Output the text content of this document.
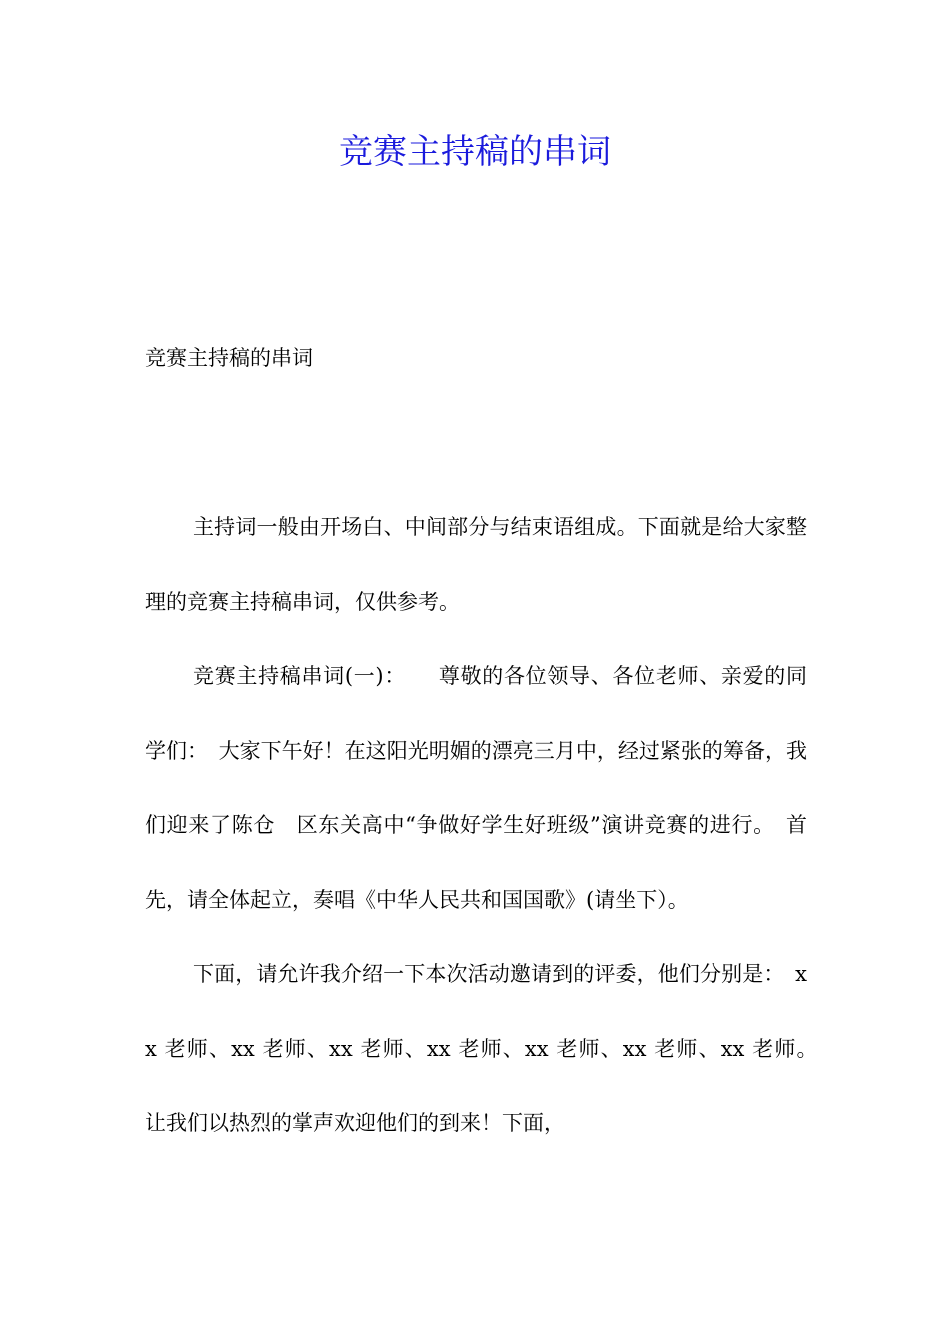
竞赛主持稿的串词

竞赛主持稿的串词

主持词一般由开场白、中间部分与结束语组成。下面就是给大家整理的竞赛主持稿串词，仅供参考。

竞赛主持稿串词(一)：　　尊敬的各位领导、各位老师、亲爱的同学们：　大家下午好！在这阳光明媚的漂亮三月中，经过紧张的筹备，我们迎来了陈仓　区东关高中“争做好学生好班级”演讲竞赛的进行。　首先，请全体起立，奏唱《中华人民共和国国歌》(请坐下）。

下面，请允许我介绍一下本次活动邀请到的评委，他们分别是：　xx 老师、xx 老师、xx 老师、xx 老师、xx 老师、xx 老师、xx 老师。　让我们以热烈的掌声欢迎他们的到来！下面，
